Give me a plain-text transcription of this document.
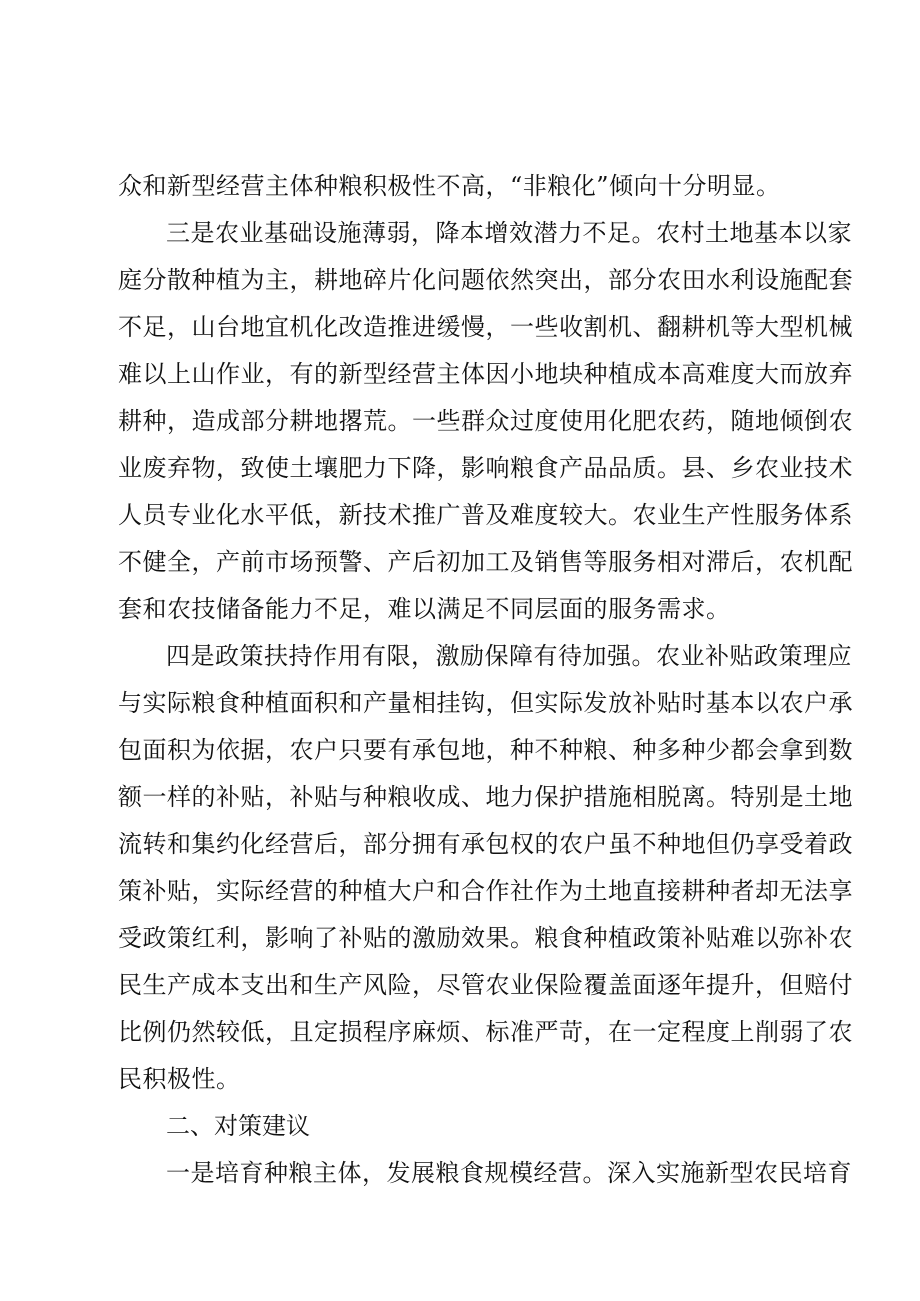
众和新型经营主体种粮积极性不高，“非粮化”倾向十分明显。
三是农业基础设施薄弱，降本增效潜力不足。农村土地基本以家
庭分散种植为主，耕地碎片化问题依然突出，部分农田水利设施配套
不足，山台地宜机化改造推进缓慢，一些收割机、翻耕机等大型机械
难以上山作业，有的新型经营主体因小地块种植成本高难度大而放弃
耕种，造成部分耕地撂荒。一些群众过度使用化肥农药，随地倾倒农
业废弃物，致使土壤肥力下降，影响粮食产品品质。县、乡农业技术
人员专业化水平低，新技术推广普及难度较大。农业生产性服务体系
不健全，产前市场预警、产后初加工及销售等服务相对滞后，农机配
套和农技储备能力不足，难以满足不同层面的服务需求。
四是政策扶持作用有限，激励保障有待加强。农业补贴政策理应
与实际粮食种植面积和产量相挂钩，但实际发放补贴时基本以农户承
包面积为依据，农户只要有承包地，种不种粮、种多种少都会拿到数
额一样的补贴，补贴与种粮收成、地力保护措施相脱离。特别是土地
流转和集约化经营后，部分拥有承包权的农户虽不种地但仍享受着政
策补贴，实际经营的种植大户和合作社作为土地直接耕种者却无法享
受政策红利，影响了补贴的激励效果。粮食种植政策补贴难以弥补农
民生产成本支出和生产风险，尽管农业保险覆盖面逐年提升，但赔付
比例仍然较低，且定损程序麻烦、标准严苛，在一定程度上削弱了农
民积极性。
二、对策建议
一是培育种粮主体，发展粮食规模经营。深入实施新型农民培育
